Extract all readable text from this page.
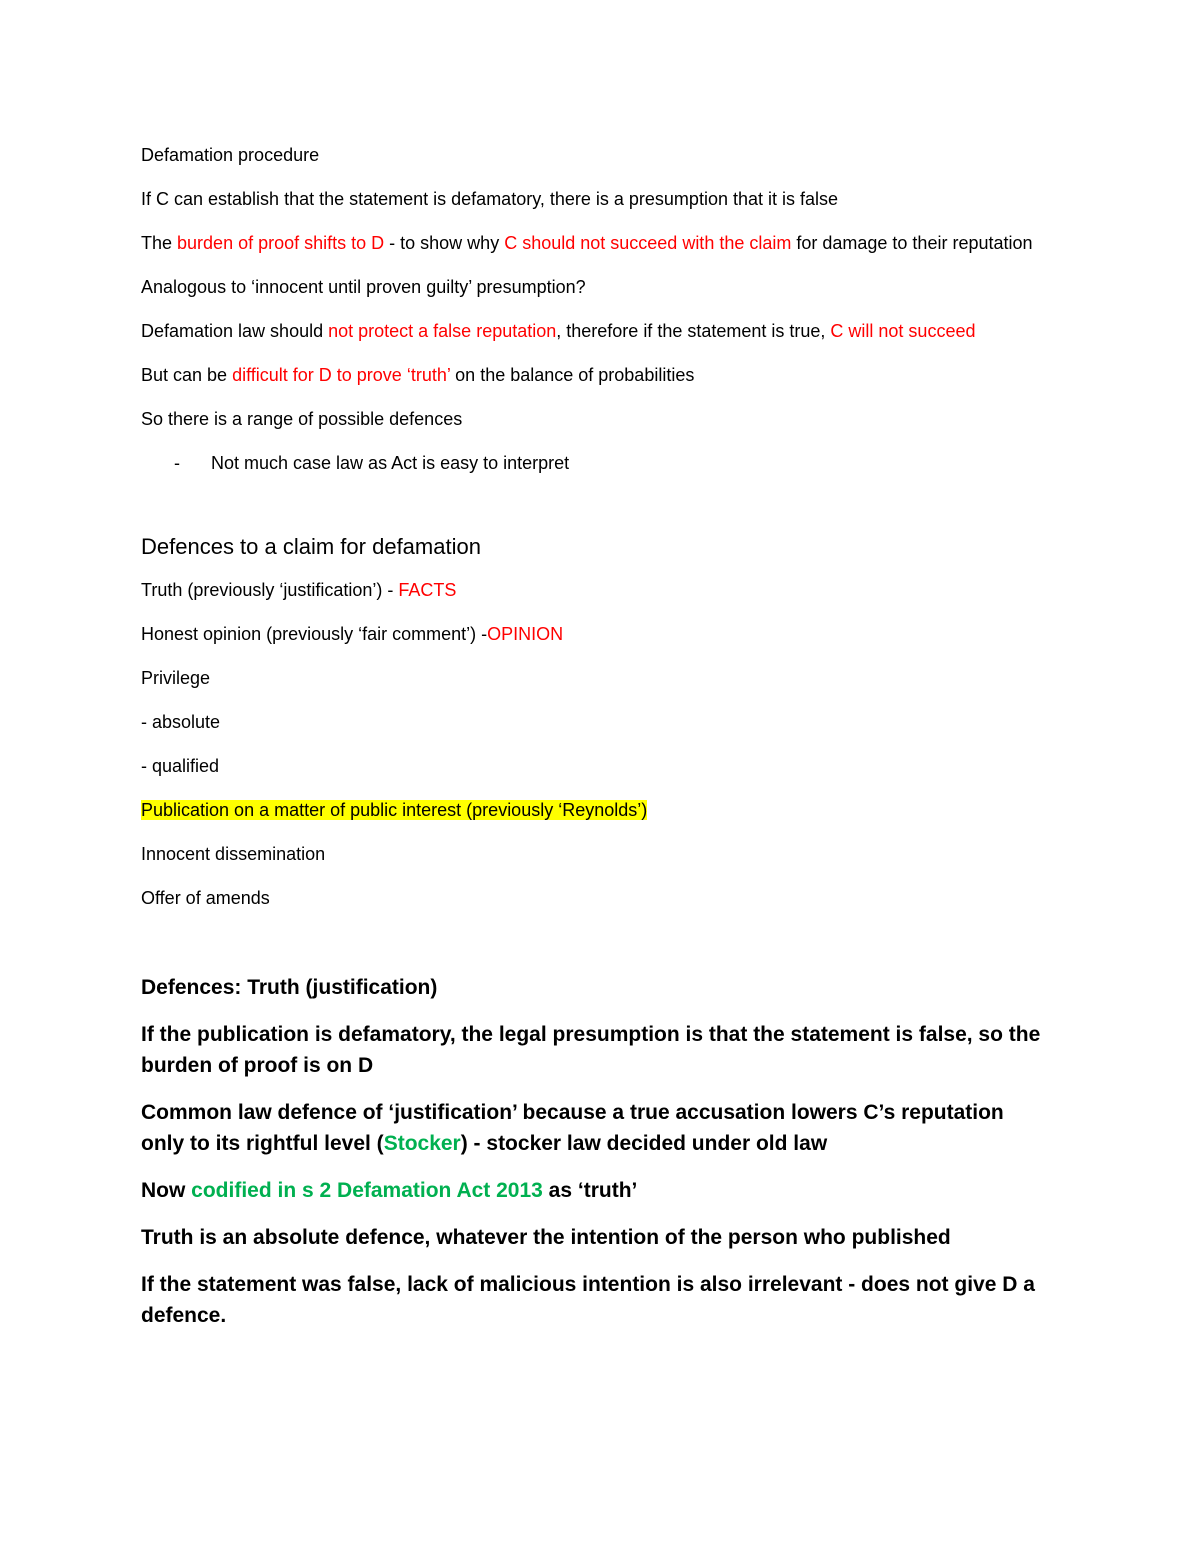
Defamation procedure

If C can establish that the statement is defamatory, there is a presumption that it is false

The burden of proof shifts to D - to show why C should not succeed with the claim for damage to their reputation

Analogous to ‘innocent until proven guilty’ presumption?

Defamation law should not protect a false reputation, therefore if the statement is true, C will not succeed

But can be difficult for D to prove ‘truth’ on the balance of probabilities

So there is a range of possible defences

-	Not much case law as Act is easy to interpret

Defences to a claim for defamation

Truth (previously ‘justification’) - FACTS

Honest opinion (previously ‘fair comment’) -OPINION

Privilege

- absolute

- qualified

Publication on a matter of public interest (previously ‘Reynolds’)

Innocent dissemination

Offer of amends

Defences: Truth (justification)

If the publication is defamatory, the legal presumption is that the statement is false, so the burden of proof is on D

Common law defence of ‘justification’ because a true accusation lowers C’s reputation only to its rightful level (Stocker) - stocker law decided under old law

Now codified in s 2 Defamation Act 2013 as ‘truth’

Truth is an absolute defence, whatever the intention of the person who published

If the statement was false, lack of malicious intention is also irrelevant - does not give D a defence.
